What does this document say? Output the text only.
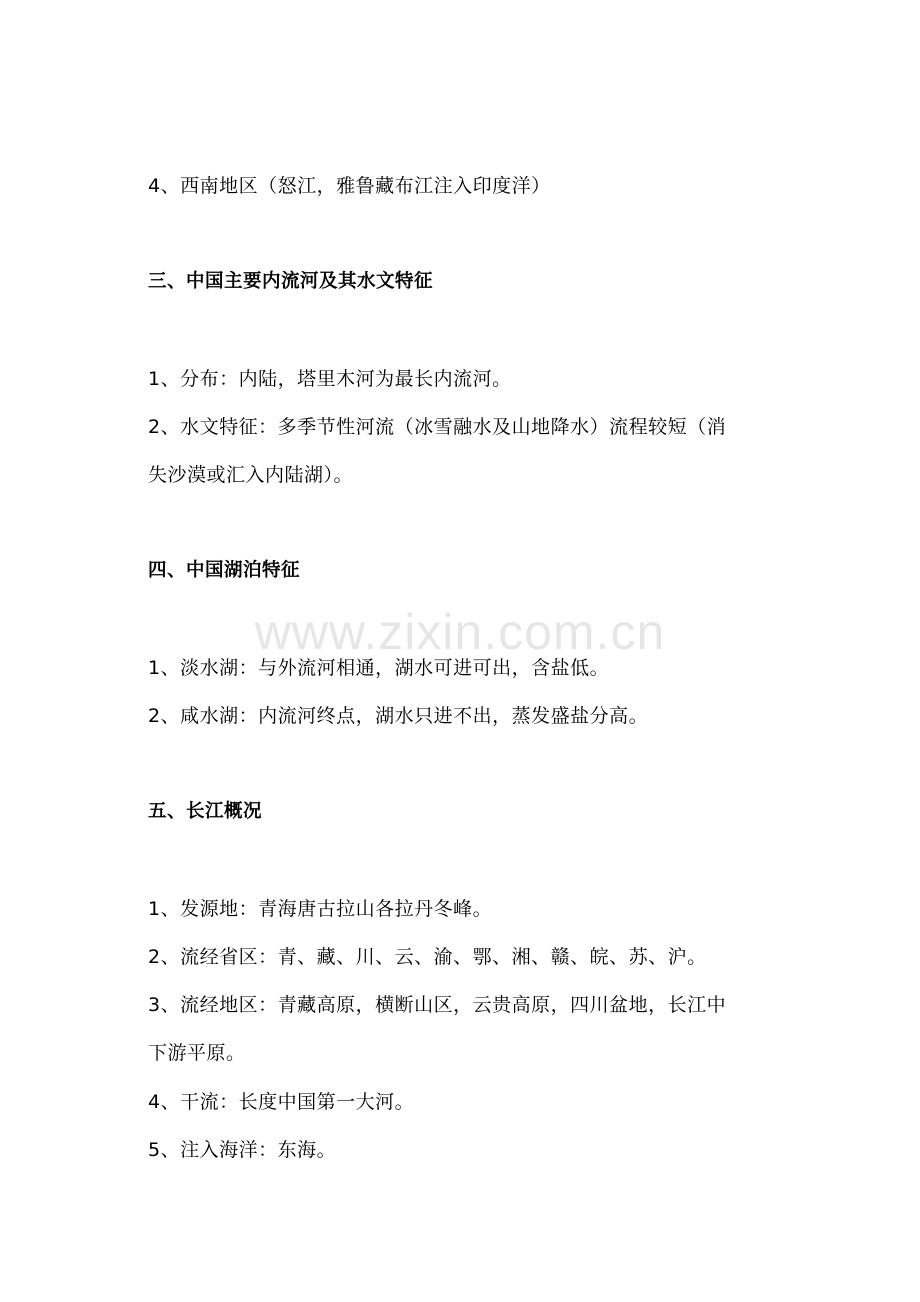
www.zixin.com.cn
4、西南地区（怒江，雅鲁藏布江注入印度洋）
三、中国主要内流河及其水文特征
1、分布：内陆，塔里木河为最长内流河。
2、水文特征：多季节性河流（冰雪融水及山地降水）流程较短（消
失沙漠或汇入内陆湖）。
四、中国湖泊特征
1、淡水湖：与外流河相通，湖水可进可出，含盐低。
2、咸水湖：内流河终点，湖水只进不出，蒸发盛盐分高。
五、长江概况
1、发源地：青海唐古拉山各拉丹冬峰。
2、流经省区：青、藏、川、云、渝、鄂、湘、赣、皖、苏、沪。
3、流经地区：青藏高原，横断山区，云贵高原，四川盆地，长江中
下游平原。
4、干流：长度中国第一大河。
5、注入海洋：东海。
